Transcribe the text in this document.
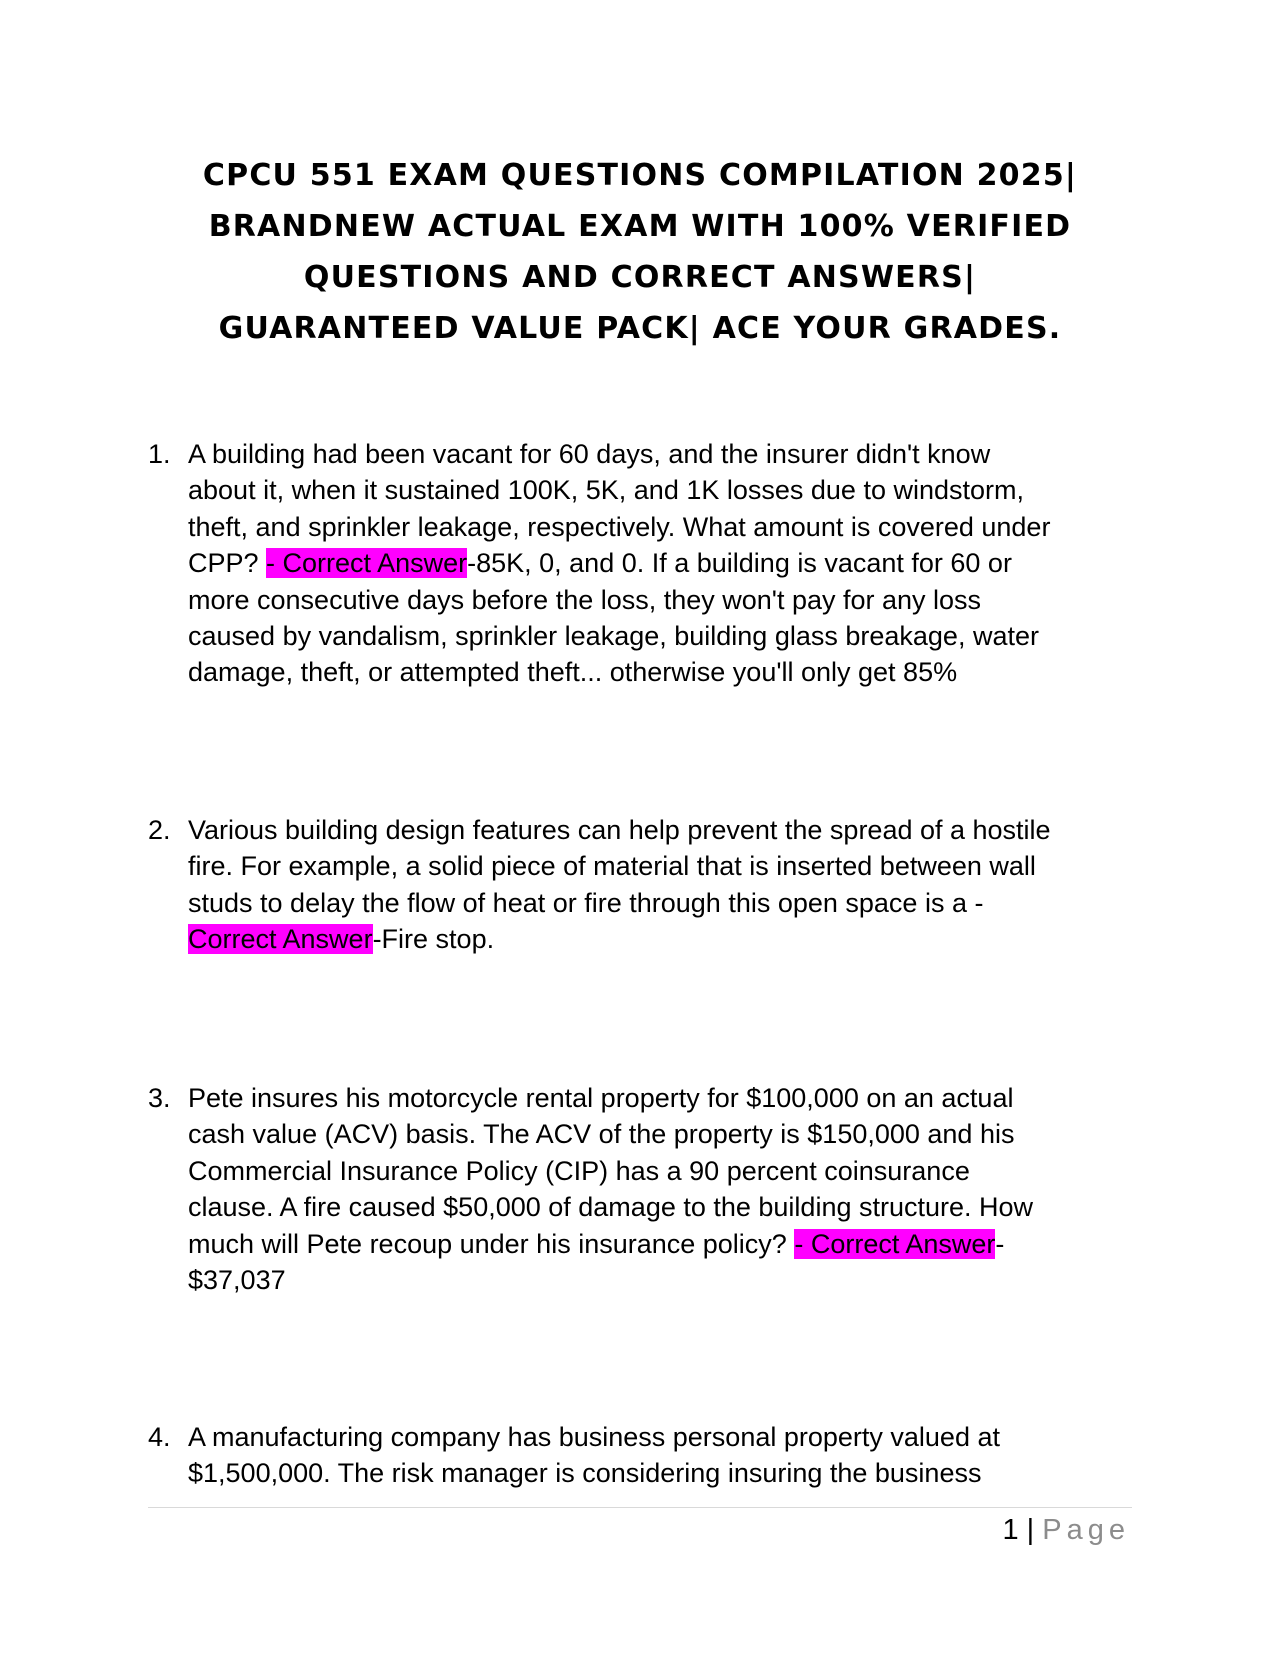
CPCU 551 EXAM QUESTIONS COMPILATION 2025|
BRANDNEW ACTUAL EXAM WITH 100% VERIFIED
QUESTIONS AND CORRECT ANSWERS|
GUARANTEED VALUE PACK| ACE YOUR GRADES.
1. A building had been vacant for 60 days, and the insurer didn't know
about it, when it sustained 100K, 5K, and 1K losses due to windstorm,
theft, and sprinkler leakage, respectively. What amount is covered under
CPP? - Correct Answer-85K, 0, and 0. If a building is vacant for 60 or
more consecutive days before the loss, they won't pay for any loss
caused by vandalism, sprinkler leakage, building glass breakage, water
damage, theft, or attempted theft... otherwise you'll only get 85%
2. Various building design features can help prevent the spread of a hostile
fire. For example, a solid piece of material that is inserted between wall
studs to delay the flow of heat or fire through this open space is a -
Correct Answer-Fire stop.
3. Pete insures his motorcycle rental property for $100,000 on an actual
cash value (ACV) basis. The ACV of the property is $150,000 and his
Commercial Insurance Policy (CIP) has a 90 percent coinsurance
clause. A fire caused $50,000 of damage to the building structure. How
much will Pete recoup under his insurance policy? - Correct Answer-
$37,037
4. A manufacturing company has business personal property valued at
$1,500,000. The risk manager is considering insuring the business
1 | Page
